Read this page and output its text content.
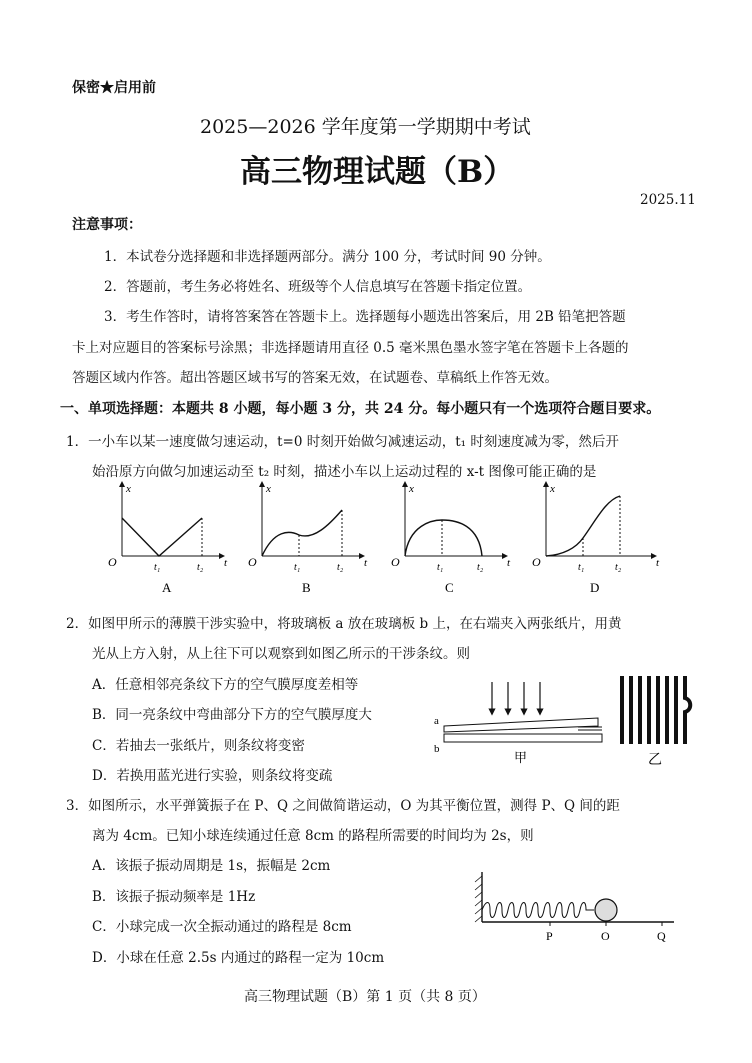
保密★启用前
2025—2026 学年度第一学期期中考试
高三物理试题（B）
2025.11
注意事项：
1．本试卷分选择题和非选择题两部分。满分 100 分，考试时间 90 分钟。
2．答题前，考生务必将姓名、班级等个人信息填写在答题卡指定位置。
3．考生作答时，请将答案答在答题卡上。选择题每小题选出答案后，用 2B 铅笔把答题
卡上对应题目的答案标号涂黑；非选择题请用直径 0.5 毫米黑色墨水签字笔在答题卡上各题的
答题区域内作答。超出答题区域书写的答案无效，在试题卷、草稿纸上作答无效。
一、单项选择题：本题共 8 小题，每小题 3 分，共 24 分。每小题只有一个选项符合题目要求。
1．一小车以某一速度做匀速运动，t=0 时刻开始做匀减速运动，t₁ 时刻速度减为零，然后开
始沿原方向做匀加速运动至 t₂ 时刻，描述小车以上运动过程的 x-t 图像可能正确的是
x
O	t₁	t₂ t
A
x
O	t₁	t₂ t
B
x
O	t₁	t₂ t
C
x
O	t₁	t₂	t
D
2．如图甲所示的薄膜干涉实验中，将玻璃板 a 放在玻璃板 b 上，在右端夹入两张纸片，用黄
光从上方入射，从上往下可以观察到如图乙所示的干涉条纹。则
A．任意相邻亮条纹下方的空气膜厚度差相等
B．同一亮条纹中弯曲部分下方的空气膜厚度大
C．若抽去一张纸片，则条纹将变密
D．若换用蓝光进行实验，则条纹将变疏
a
b
甲	乙
3．如图所示，水平弹簧振子在 P、Q 之间做简谐运动，O 为其平衡位置，测得 P、Q 间的距
离为 4cm。已知小球连续通过任意 8cm 的路程所需要的时间均为 2s，则
A．该振子振动周期是 1s，振幅是 2cm
B．该振子振动频率是 1Hz
C．小球完成一次全振动通过的路程是 8cm
D．小球在任意 2.5s 内通过的路程一定为 10cm
P	O	Q
高三物理试题（B）第 1 页（共 8 页）
